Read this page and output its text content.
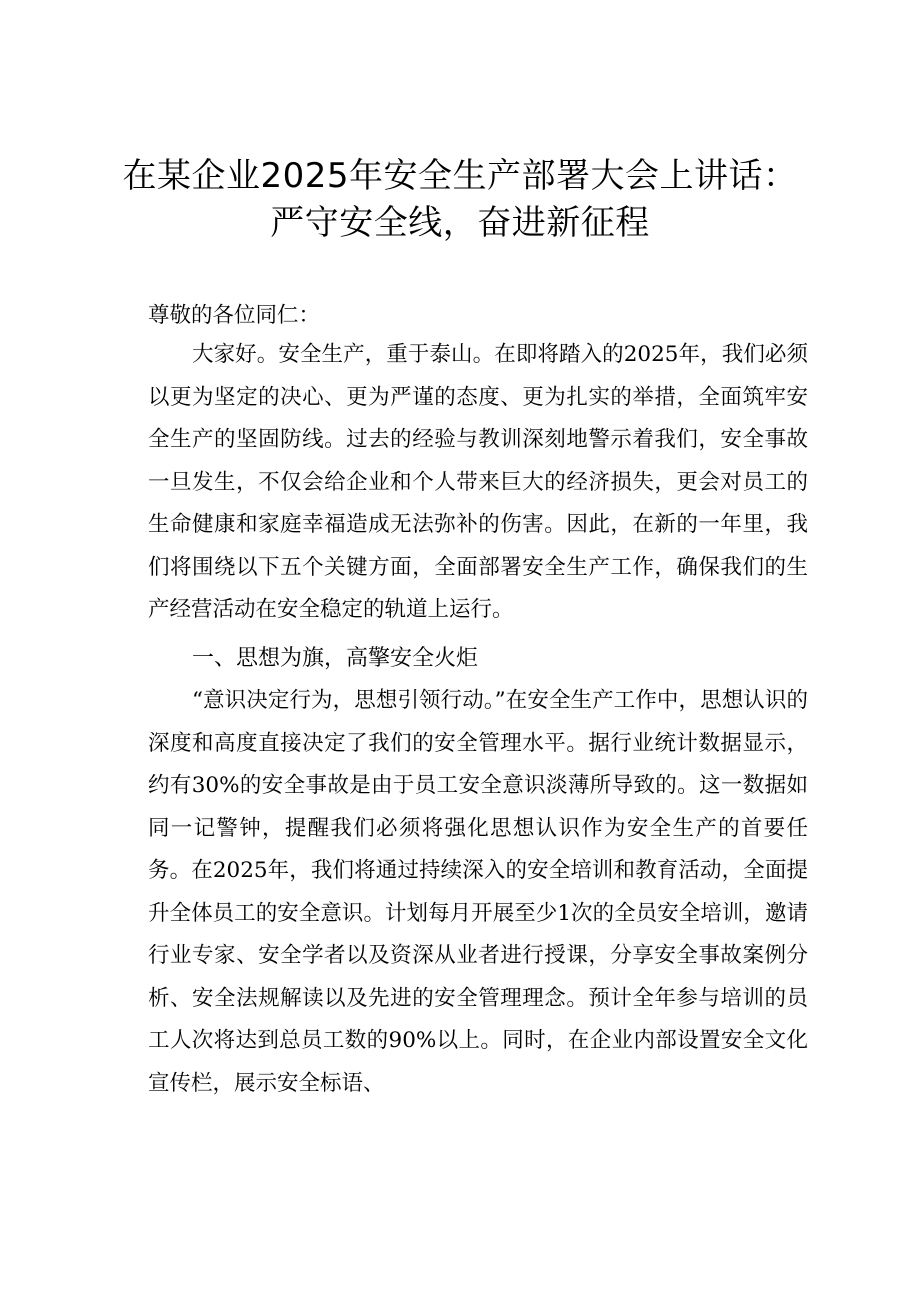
在某企业2025年安全生产部署大会上讲话：
严守安全线，奋进新征程

尊敬的各位同仁：

大家好。安全生产，重于泰山。在即将踏入的2025年，我们必须以更为坚定的决心、更为严谨的态度、更为扎实的举措，全面筑牢安全生产的坚固防线。过去的经验与教训深刻地警示着我们，安全事故一旦发生，不仅会给企业和个人带来巨大的经济损失，更会对员工的生命健康和家庭幸福造成无法弥补的伤害。因此，在新的一年里，我们将围绕以下五个关键方面，全面部署安全生产工作，确保我们的生产经营活动在安全稳定的轨道上运行。

一、思想为旗，高擎安全火炬

“意识决定行为，思想引领行动。”在安全生产工作中，思想认识的深度和高度直接决定了我们的安全管理水平。据行业统计数据显示，约有30%的安全事故是由于员工安全意识淡薄所导致的。这一数据如同一记警钟，提醒我们必须将强化思想认识作为安全生产的首要任务。在2025年，我们将通过持续深入的安全培训和教育活动，全面提升全体员工的安全意识。计划每月开展至少1次的全员安全培训，邀请行业专家、安全学者以及资深从业者进行授课，分享安全事故案例分析、安全法规解读以及先进的安全管理理念。预计全年参与培训的员工人次将达到总员工数的90%以上。同时，在企业内部设置安全文化宣传栏，展示安全标语、
